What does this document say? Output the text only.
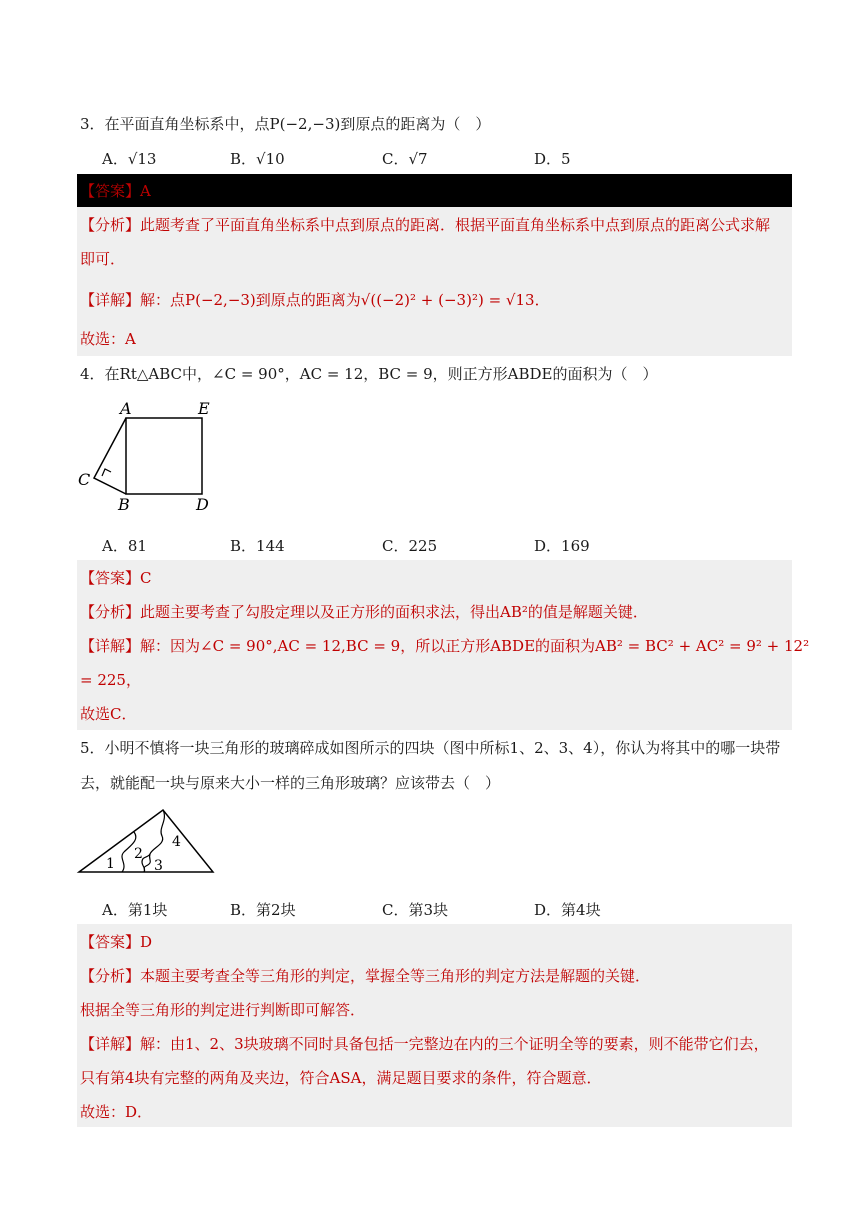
3．在平面直角坐标系中，点P(−2,−3)到原点的距离为（　）
A．√13	B．√10	C．√7	D．5
【答案】A
【分析】此题考查了平面直角坐标系中点到原点的距离．根据平面直角坐标系中点到原点的距离公式求解
即可．
【详解】解：点P(−2,−3)到原点的距离为√((−2)² + (−3)²) = √13．
故选：A
4．在Rt△ABC中，∠C = 90°，AC = 12，BC = 9，则正方形ABDE的面积为（　）
A	E
C
B	D
A．81	B．144	C．225	D．169
【答案】C
【分析】此题主要考查了勾股定理以及正方形的面积求法，得出AB²的值是解题关键．
【详解】解：因为∠C = 90°,AC = 12,BC = 9，所以正方形ABDE的面积为AB² = BC² + AC² = 9² + 12²
= 225，
故选C．
5．小明不慎将一块三角形的玻璃碎成如图所示的四块（图中所标1、2、3、4），你认为将其中的哪一块带
去，就能配一块与原来大小一样的三角形玻璃？应该带去（　）
1
2
3
4
A．第1块	B．第2块	C．第3块	D．第4块
【答案】D
【分析】本题主要考查全等三角形的判定，掌握全等三角形的判定方法是解题的关键．
根据全等三角形的判定进行判断即可解答．
【详解】解：由1、2、3块玻璃不同时具备包括一完整边在内的三个证明全等的要素，则不能带它们去，
只有第4块有完整的两角及夹边，符合ASA，满足题目要求的条件，符合题意．
故选：D．
